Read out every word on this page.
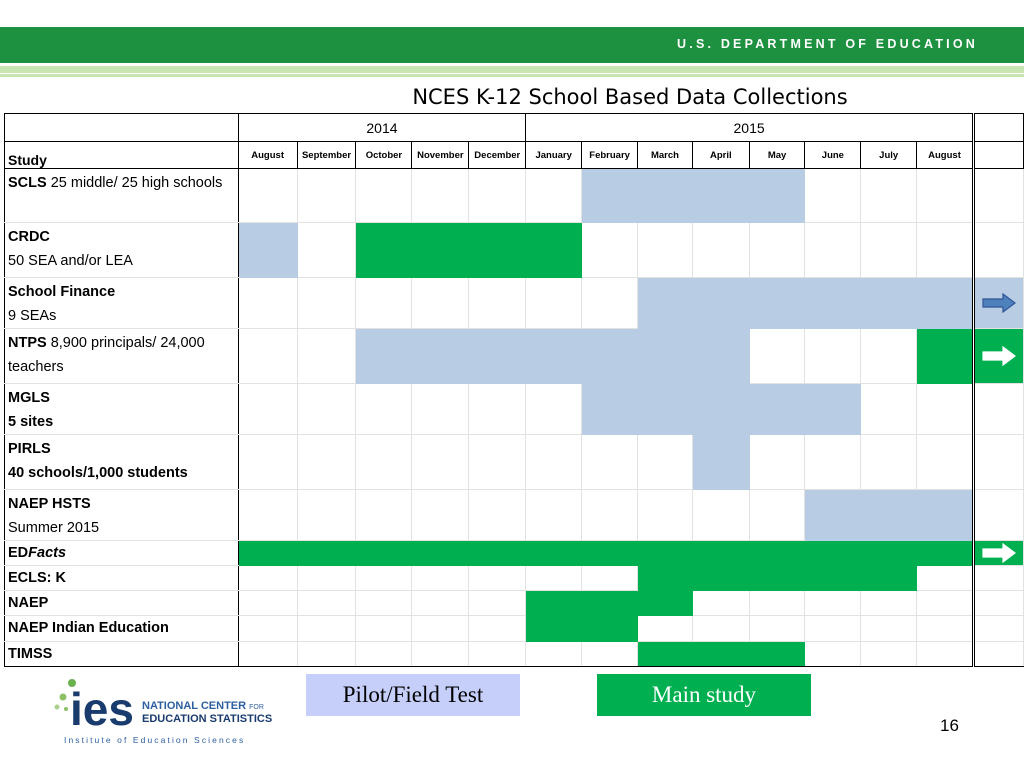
U.S. DEPARTMENT OF EDUCATION
NCES K-12 School Based Data Collections
	2014					2015								
Study	August	September	October	November	December	January	February	March	April	May	June	July	August	
SCLS 25 middle/ 25 high schools														
CRDC
50 SEA and/or LEA														
School Finance
9 SEAs														

NTPS 8,900 principals/ 24,000 teachers														

MGLS
5 sites														
PIRLS
40 schools/1,000 students														
NAEP HSTS
Summer 2015														
EDFacts														

ECLS: K														
NAEP														
NAEP Indian Education														
TIMSS														
Pilot/Field Test	Main study
ies NATIONAL CENTER FOR
EDUCATION STATISTICS
Institute of Education Sciences
16
